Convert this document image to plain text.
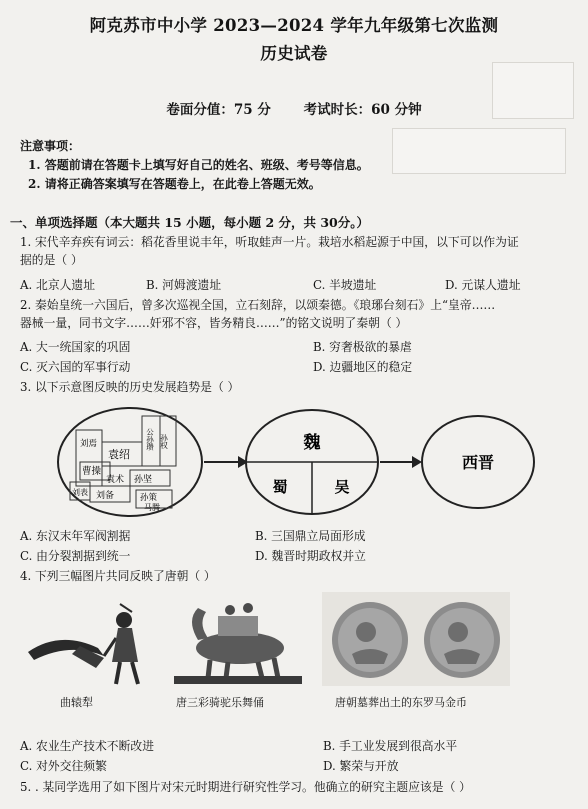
阿克苏市中小学 2023—2024 学年九年级第七次监测
历史试卷
卷面分值：75 分 考试时长：60 分钟
注意事项：
1. 答题前请在答题卡上填写好自己的姓名、班级、考号等信息。
2. 请将正确答案填写在答题卷上，在此卷上答题无效。
一、单项选择题（本大题共 15 小题，每小题 2 分，共 30分。）
1. 宋代辛弃疾有词云：稻花香里说丰年，听取蛙声一片。栽培水稻起源于中国，以下可以作为证
据的是（ ）
A. 北京人遗址	B. 河姆渡遗址	C. 半坡遗址	D. 元谋人遗址
2. 秦始皇统一六国后，曾多次巡视全国，立石刻辞，以颂秦德。《琅琊台刻石》上“皇帝……
器械一量，同书文字……奸邪不容，皆务精良……”的铭文说明了秦朝（ ）
A. 大一统国家的巩固	B. 穷奢极欲的暴虐
C. 灭六国的军事行动	D. 边疆地区的稳定
3. 以下示意图反映的历史发展趋势是（ ）
袁绍
曹操
孙坚
刘表 刘备	孙策
袁术
刘焉
马腾
孙权
公孙瓒	魏
蜀	吴
西晋
A. 东汉末年军阀割据	B. 三国鼎立局面形成
C. 由分裂割据到统一	D. 魏晋时期政权并立
4. 下列三幅图片共同反映了唐朝（ ）
曲辕犁	唐三彩骑驼乐舞俑	唐朝墓葬出土的东罗马金币
A. 农业生产技术不断改进	B. 手工业发展到很高水平
C. 对外交往频繁	D. 繁荣与开放
5. . 某同学选用了如下图片对宋元时期进行研究性学习。他确立的研究主题应该是（ ）
